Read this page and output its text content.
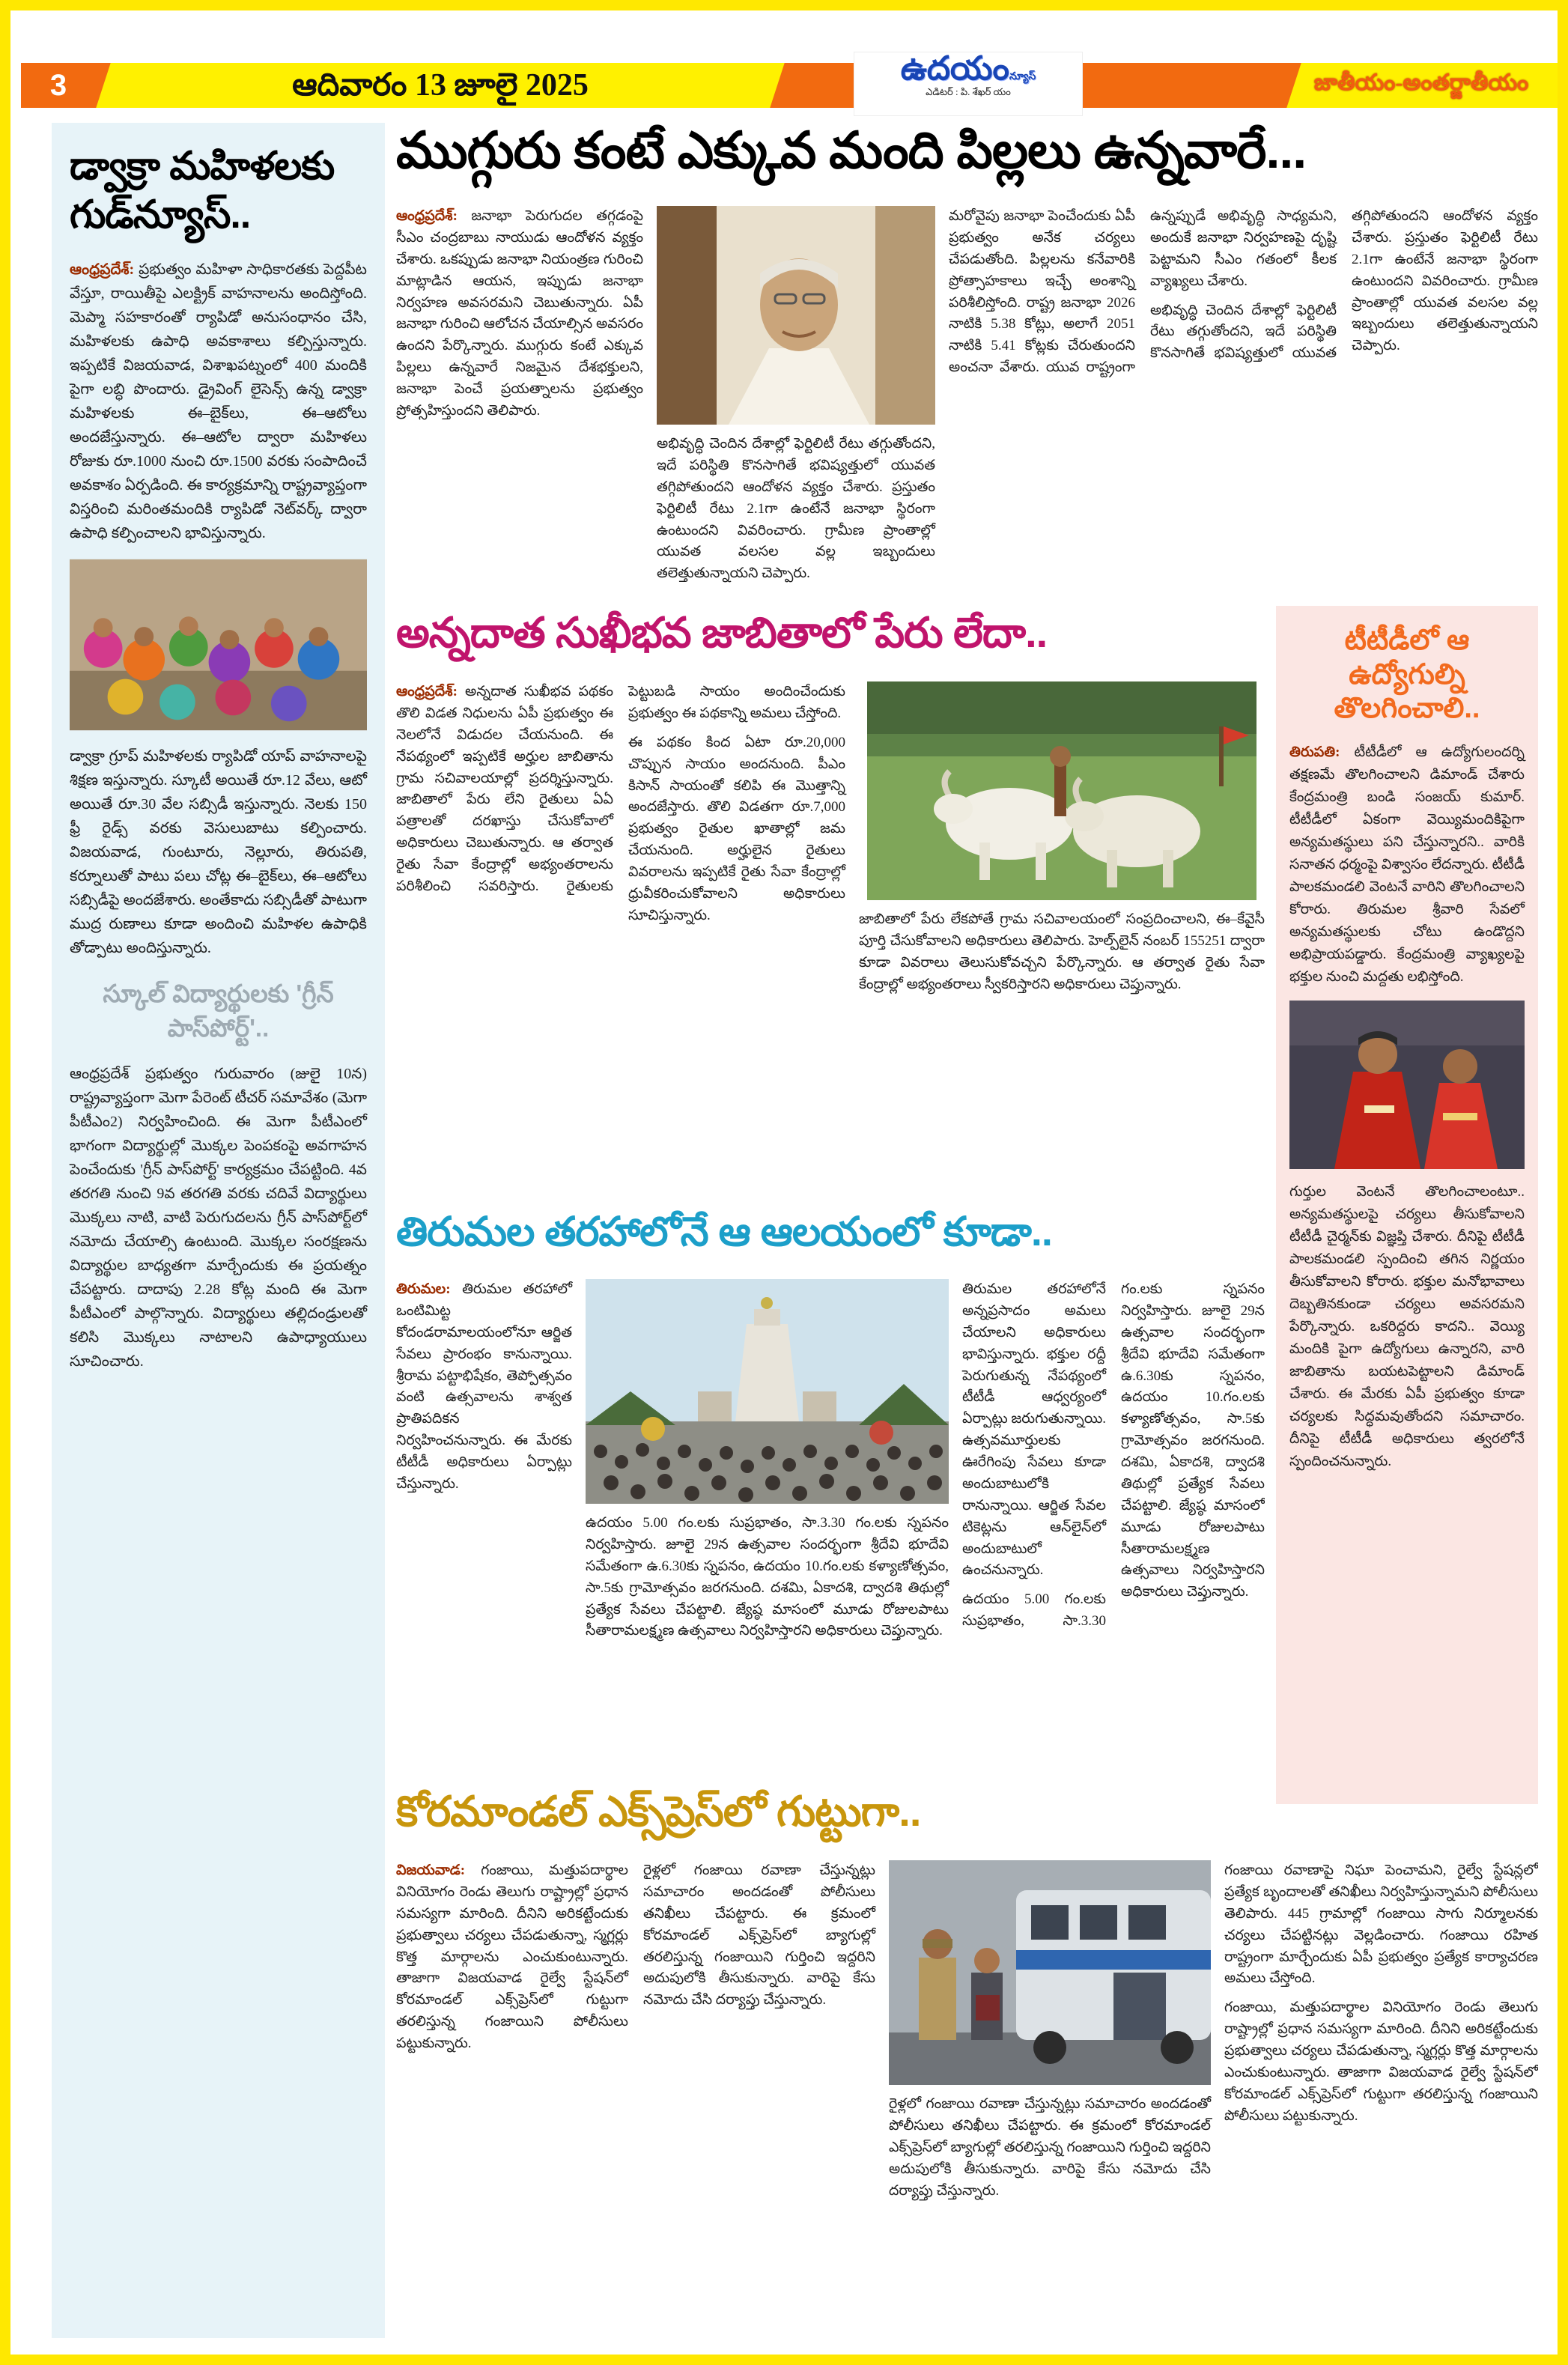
3	ఆదివారం 13 జూలై 2025	జాతీయం-అంతర్జాతీయం
ఉదయంన్యూస్
ఎడిటర్ : పి. శేఖర్ యం
డ్వాక్రా మహిళలకు గుడ్‌న్యూస్..

ఆంధ్రప్రదేశ్: ప్రభుత్వం మహిళా సాధికారతకు పెద్దపీట వేస్తూ, రాయితీపై ఎలక్ట్రిక్ వాహనాలను అందిస్తోంది. మెప్మా సహకారంతో ర్యాపిడో అనుసంధానం చేసి, మహిళలకు ఉపాధి అవకాశాలు కల్పిస్తున్నారు. ఇప్పటికే విజయవాడ, విశాఖపట్నంలో 400 మందికి పైగా లబ్ధి పొందారు. డ్రైవింగ్ లైసెన్స్ ఉన్న డ్వాక్రా మహిళలకు ఈ–బైక్‌లు, ఈ–ఆటోలు అందజేస్తున్నారు. ఈ–ఆటోల ద్వారా మహిళలు రోజుకు రూ.1000 నుంచి రూ.1500 వరకు సంపాదించే అవకాశం ఏర్పడింది. ఈ కార్యక్రమాన్ని రాష్ట్రవ్యాప్తంగా విస్తరించి మరింతమందికి ర్యాపిడో నెట్‌వర్క్ ద్వారా ఉపాధి కల్పించాలని భావిస్తున్నారు.

డ్వాక్రా గ్రూప్ మహిళలకు ర్యాపిడో యాప్ వాహనాలపై శిక్షణ ఇస్తున్నారు. స్కూటీ అయితే రూ.12 వేలు, ఆటో అయితే రూ.30 వేల సబ్సిడీ ఇస్తున్నారు. నెలకు 150 ఫ్రీ రైడ్స్ వరకు వెసులుబాటు కల్పించారు. విజయవాడ, గుంటూరు, నెల్లూరు, తిరుపతి, కర్నూలుతో పాటు పలు చోట్ల ఈ–బైక్‌లు, ఈ–ఆటోలు సబ్సిడీపై అందజేశారు. అంతేకాదు సబ్సిడీతో పాటుగా ముద్ర రుణాలు కూడా అందించి మహిళల ఉపాధికి తోడ్పాటు అందిస్తున్నారు.

స్కూల్ విద్యార్థులకు 'గ్రీన్ పాస్‌పోర్ట్'..

ఆంధ్రప్రదేశ్ ప్రభుత్వం గురువారం (జులై 10న) రాష్ట్రవ్యాప్తంగా మెగా పేరెంట్ టీచర్ సమావేశం (మెగా పీటీఎం2) నిర్వహించింది. ఈ మెగా పీటీఎంలో భాగంగా విద్యార్థుల్లో మొక్కల పెంపకంపై అవగాహన పెంచేందుకు 'గ్రీన్ పాస్‌పోర్ట్' కార్యక్రమం చేపట్టింది. 4వ తరగతి నుంచి 9వ తరగతి వరకు చదివే విద్యార్థులు మొక్కలు నాటి, వాటి పెరుగుదలను గ్రీన్ పాస్‌పోర్ట్‌లో నమోదు చేయాల్సి ఉంటుంది. మొక్కల సంరక్షణను విద్యార్థుల బాధ్యతగా మార్చేందుకు ఈ ప్రయత్నం చేపట్టారు. దాదాపు 2.28 కోట్ల మంది ఈ మెగా పీటీఎంలో పాల్గొన్నారు. విద్యార్థులు తల్లిదండ్రులతో కలిసి మొక్కలు నాటాలని ఉపాధ్యాయులు సూచించారు.

ముగ్గురు కంటే ఎక్కువ మంది పిల్లలు ఉన్నవారే...

ఆంధ్రప్రదేశ్: జనాభా పెరుగుదల తగ్గడంపై సీఎం చంద్రబాబు నాయుడు ఆందోళన వ్యక్తం చేశారు. ఒకప్పుడు జనాభా నియంత్రణ గురించి మాట్లాడిన ఆయన, ఇప్పుడు జనాభా నిర్వహణ అవసరమని చెబుతున్నారు. ఏపీ జనాభా గురించి ఆలోచన చేయాల్సిన అవసరం ఉందని పేర్కొన్నారు. ముగ్గురు కంటే ఎక్కువ పిల్లలు ఉన్నవారే నిజమైన దేశభక్తులని, జనాభా పెంచే ప్రయత్నాలను ప్రభుత్వం ప్రోత్సహిస్తుందని తెలిపారు.

అభివృద్ధి చెందిన దేశాల్లో ఫెర్టిలిటీ రేటు తగ్గుతోందని, ఇదే పరిస్థితి కొనసాగితే భవిష్యత్తులో యువత తగ్గిపోతుందని ఆందోళన వ్యక్తం చేశారు. ప్రస్తుతం ఫెర్టిలిటీ రేటు 2.1గా ఉంటేనే జనాభా స్థిరంగా ఉంటుందని వివరించారు. గ్రామీణ ప్రాంతాల్లో యువత వలసల వల్ల ఇబ్బందులు తలెత్తుతున్నాయని చెప్పారు.

మరోవైపు జనాభా పెంచేందుకు ఏపీ ప్రభుత్వం అనేక చర్యలు చేపడుతోంది. పిల్లలను కనేవారికి ప్రోత్సాహకాలు ఇచ్చే అంశాన్ని పరిశీలిస్తోంది. రాష్ట్ర జనాభా 2026 నాటికి 5.38 కోట్లు, అలాగే 2051 నాటికి 5.41 కోట్లకు చేరుతుందని అంచనా వేశారు. యువ రాష్ట్రంగా ఉన్నప్పుడే అభివృద్ధి సాధ్యమని, అందుకే జనాభా నిర్వహణపై దృష్టి పెట్టామని సీఎం గతంలో కీలక వ్యాఖ్యలు చేశారు.

అభివృద్ధి చెందిన దేశాల్లో ఫెర్టిలిటీ రేటు తగ్గుతోందని, ఇదే పరిస్థితి కొనసాగితే భవిష్యత్తులో యువత తగ్గిపోతుందని ఆందోళన వ్యక్తం చేశారు. ప్రస్తుతం ఫెర్టిలిటీ రేటు 2.1గా ఉంటేనే జనాభా స్థిరంగా ఉంటుందని వివరించారు. గ్రామీణ ప్రాంతాల్లో యువత వలసల వల్ల ఇబ్బందులు తలెత్తుతున్నాయని చెప్పారు.

అన్నదాత సుఖీభవ జాబితాలో పేరు లేదా..

ఆంధ్రప్రదేశ్: అన్నదాత సుఖీభవ పథకం తొలి విడత నిధులను ఏపీ ప్రభుత్వం ఈ నెలలోనే విడుదల చేయనుంది. ఈ నేపథ్యంలో ఇప్పటికే అర్హుల జాబితాను గ్రామ సచివాలయాల్లో ప్రదర్శిస్తున్నారు. జాబితాలో పేరు లేని రైతులు ఏఏ పత్రాలతో దరఖాస్తు చేసుకోవాలో అధికారులు చెబుతున్నారు. ఆ తర్వాత రైతు సేవా కేంద్రాల్లో అభ్యంతరాలను పరిశీలించి సవరిస్తారు. రైతులకు పెట్టుబడి సాయం అందించేందుకు ప్రభుత్వం ఈ పథకాన్ని అమలు చేస్తోంది.

ఈ పథకం కింద ఏటా రూ.20,000 చొప్పున సాయం అందనుంది. పీఎం కిసాన్ సాయంతో కలిపి ఈ మొత్తాన్ని అందజేస్తారు. తొలి విడతగా రూ.7,000 ప్రభుత్వం రైతుల ఖాతాల్లో జమ చేయనుంది. అర్హులైన రైతులు వివరాలను ఇప్పటికే రైతు సేవా కేంద్రాల్లో ధ్రువీకరించుకోవాలని అధికారులు సూచిస్తున్నారు.	జాబితాలో పేరు లేకపోతే గ్రామ సచివాలయంలో సంప్రదించాలని, ఈ–కేవైసీ పూర్తి చేసుకోవాలని అధికారులు తెలిపారు. హెల్ప్‌లైన్ నంబర్ 155251 ద్వారా కూడా వివరాలు తెలుసుకోవచ్చని పేర్కొన్నారు. ఆ తర్వాత రైతు సేవా కేంద్రాల్లో అభ్యంతరాలు స్వీకరిస్తారని అధికారులు చెప్తున్నారు.

టీటీడీలో ఆ ఉద్యోగుల్ని తొలగించాలి..

తిరుపతి: టీటీడీలో ఆ ఉద్యోగులందర్ని తక్షణమే తొలగించాలని డిమాండ్ చేశారు కేంద్రమంత్రి బండి సంజయ్ కుమార్. టీటీడీలో ఏకంగా వెయ్యిమందికిపైగా అన్యమతస్థులు పని చేస్తున్నారని.. వారికి సనాతన ధర్మంపై విశ్వాసం లేదన్నారు. టీటీడీ పాలకమండలి వెంటనే వారిని తొలగించాలని కోరారు. తిరుమల శ్రీవారి సేవలో అన్యమతస్థులకు చోటు ఉండొద్దని అభిప్రాయపడ్డారు. కేంద్రమంత్రి వ్యాఖ్యలపై భక్తుల నుంచి మద్దతు లభిస్తోంది.

గుర్తుల వెంటనే తొలగించాలంటూ.. అన్యమతస్థులపై చర్యలు తీసుకోవాలని టీటీడీ చైర్మన్‌కు విజ్ఞప్తి చేశారు. దీనిపై టీటీడీ పాలకమండలి స్పందించి తగిన నిర్ణయం తీసుకోవాలని కోరారు. భక్తుల మనోభావాలు దెబ్బతినకుండా చర్యలు అవసరమని పేర్కొన్నారు. ఒకరిద్దరు కాదని.. వెయ్యి మందికి పైగా ఉద్యోగులు ఉన్నారని, వారి జాబితాను బయటపెట్టాలని డిమాండ్ చేశారు. ఈ మేరకు ఏపీ ప్రభుత్వం కూడా చర్యలకు సిద్ధమవుతోందని సమాచారం. దీనిపై టీటీడీ అధికారులు త్వరలోనే స్పందించనున్నారు.

తిరుమల తరహాలోనే ఆ ఆలయంలో కూడా..

తిరుమల: తిరుమల తరహాలో ఒంటిమిట్ట కోదండరామాలయంలోనూ ఆర్జిత సేవలు ప్రారంభం కానున్నాయి. శ్రీరామ పట్టాభిషేకం, తెప్పోత్సవం వంటి ఉత్సవాలను శాశ్వత ప్రాతిపదికన నిర్వహించనున్నారు. ఈ మేరకు టీటీడీ అధికారులు ఏర్పాట్లు చేస్తున్నారు.

ఉదయం 5.00 గం.లకు సుప్రభాతం, సా.3.30 గం.లకు స్నపనం నిర్వహిస్తారు. జూలై 29న ఉత్సవాల సందర్భంగా శ్రీదేవి భూదేవి సమేతంగా ఉ.6.30కు స్నపనం, ఉదయం 10.గం.లకు కళ్యాణోత్సవం, సా.5కు గ్రామోత్సవం జరగనుంది. దశమి, ఏకాదశి, ద్వాదశి తిథుల్లో ప్రత్యేక సేవలు చేపట్టాలి. జ్యేష్ఠ మాసంలో మూడు రోజులపాటు సీతారామలక్ష్మణ ఉత్సవాలు నిర్వహిస్తారని అధికారులు చెప్తున్నారు.

తిరుమల తరహాలోనే అన్నప్రసాదం అమలు చేయాలని అధికారులు భావిస్తున్నారు. భక్తుల రద్దీ పెరుగుతున్న నేపథ్యంలో టీటీడీ ఆధ్వర్యంలో ఏర్పాట్లు జరుగుతున్నాయి. ఉత్సవమూర్తులకు ఊరేగింపు సేవలు కూడా అందుబాటులోకి రానున్నాయి. ఆర్జిత సేవల టికెట్లను ఆన్‌లైన్‌లో అందుబాటులో ఉంచనున్నారు.

ఉదయం 5.00 గం.లకు సుప్రభాతం, సా.3.30 గం.లకు స్నపనం నిర్వహిస్తారు. జూలై 29న ఉత్సవాల సందర్భంగా శ్రీదేవి భూదేవి సమేతంగా ఉ.6.30కు స్నపనం, ఉదయం 10.గం.లకు కళ్యాణోత్సవం, సా.5కు గ్రామోత్సవం జరగనుంది. దశమి, ఏకాదశి, ద్వాదశి తిథుల్లో ప్రత్యేక సేవలు చేపట్టాలి. జ్యేష్ఠ మాసంలో మూడు రోజులపాటు సీతారామలక్ష్మణ ఉత్సవాలు నిర్వహిస్తారని అధికారులు చెప్తున్నారు.

కోరమాండల్ ఎక్స్‌ప్రెస్‌లో గుట్టుగా..

విజయవాడ: గంజాయి, మత్తుపదార్థాల వినియోగం రెండు తెలుగు రాష్ట్రాల్లో ప్రధాన సమస్యగా మారింది. దీనిని అరికట్టేందుకు ప్రభుత్వాలు చర్యలు చేపడుతున్నా, స్మగ్లర్లు కొత్త మార్గాలను ఎంచుకుంటున్నారు. తాజాగా విజయవాడ రైల్వే స్టేషన్‌లో కోరమాండల్ ఎక్స్‌ప్రెస్‌లో గుట్టుగా తరలిస్తున్న గంజాయిని పోలీసులు పట్టుకున్నారు.

రైళ్లలో గంజాయి రవాణా చేస్తున్నట్లు సమాచారం అందడంతో పోలీసులు తనిఖీలు చేపట్టారు. ఈ క్రమంలో కోరమాండల్ ఎక్స్‌ప్రెస్‌లో బ్యాగుల్లో తరలిస్తున్న గంజాయిని గుర్తించి ఇద్దరిని అదుపులోకి తీసుకున్నారు. వారిపై కేసు నమోదు చేసి దర్యాప్తు చేస్తున్నారు.

రైళ్లలో గంజాయి రవాణా చేస్తున్నట్లు సమాచారం అందడంతో పోలీసులు తనిఖీలు చేపట్టారు. ఈ క్రమంలో కోరమాండల్ ఎక్స్‌ప్రెస్‌లో బ్యాగుల్లో తరలిస్తున్న గంజాయిని గుర్తించి ఇద్దరిని అదుపులోకి తీసుకున్నారు. వారిపై కేసు నమోదు చేసి దర్యాప్తు చేస్తున్నారు.

గంజాయి రవాణాపై నిఘా పెంచామని, రైల్వే స్టేషన్లలో ప్రత్యేక బృందాలతో తనిఖీలు నిర్వహిస్తున్నామని పోలీసులు తెలిపారు. 445 గ్రామాల్లో గంజాయి సాగు నిర్మూలనకు చర్యలు చేపట్టినట్లు వెల్లడించారు. గంజాయి రహిత రాష్ట్రంగా మార్చేందుకు ఏపీ ప్రభుత్వం ప్రత్యేక కార్యాచరణ అమలు చేస్తోంది.

గంజాయి, మత్తుపదార్థాల వినియోగం రెండు తెలుగు రాష్ట్రాల్లో ప్రధాన సమస్యగా మారింది. దీనిని అరికట్టేందుకు ప్రభుత్వాలు చర్యలు చేపడుతున్నా, స్మగ్లర్లు కొత్త మార్గాలను ఎంచుకుంటున్నారు. తాజాగా విజయవాడ రైల్వే స్టేషన్‌లో కోరమాండల్ ఎక్స్‌ప్రెస్‌లో గుట్టుగా తరలిస్తున్న గంజాయిని పోలీసులు పట్టుకున్నారు.
